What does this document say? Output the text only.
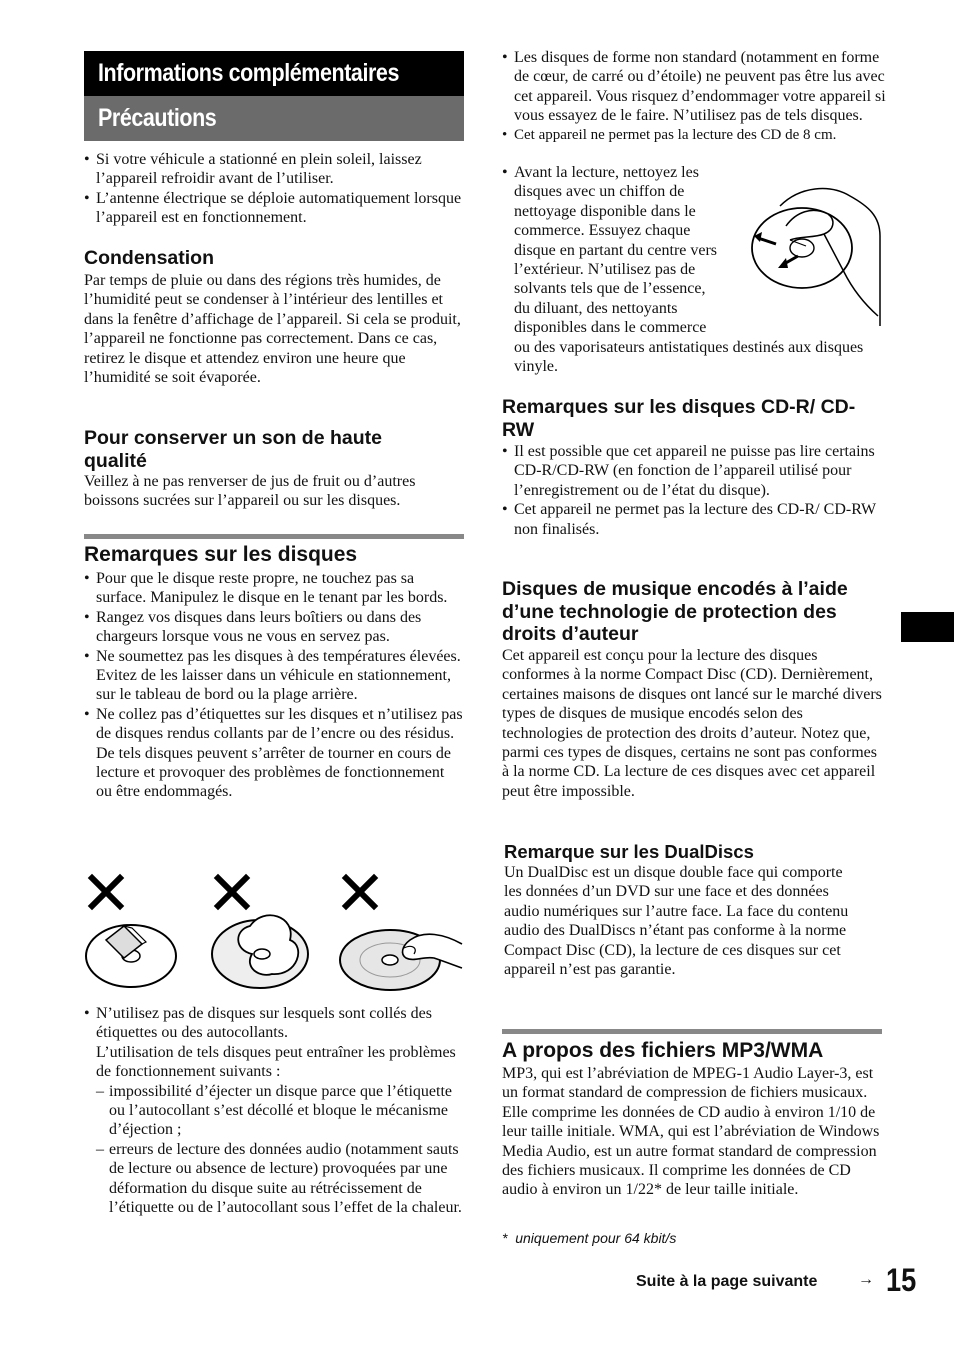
Informations complémentaires
Précautions
• Si votre véhicule a stationné en plein soleil, laissez l’appareil refroidir avant de l’utiliser.
• L’antenne électrique se déploie automatiquement lorsque l’appareil est en fonctionnement.
Condensation

Par temps de pluie ou dans des régions très humides, de l’humidité peut se condenser à l’intérieur des lentilles et dans la fenêtre d’affichage de l’appareil. Si cela se produit, l’appareil ne fonctionne pas correctement. Dans ce cas, retirez le disque et attendez environ une heure que l’humidité se soit évaporée.

Pour conserver un son de haute qualité

Veillez à ne pas renverser de jus de fruit ou d’autres boissons sucrées sur l’appareil ou sur les disques.

Remarques sur les disques
• Pour que le disque reste propre, ne touchez pas sa surface. Manipulez le disque en le tenant par les bords.
• Rangez vos disques dans leurs boîtiers ou dans des chargeurs lorsque vous ne vous en servez pas.
• Ne soumettez pas les disques à des températures élevées. Evitez de les laisser dans un véhicule en stationnement, sur le tableau de bord ou la plage arrière.
• Ne collez pas d’étiquettes sur les disques et n’utilisez pas de disques rendus collants par de l’encre ou des résidus. De tels disques peuvent s’arrêter de tourner en cours de lecture et provoquer des problèmes de fonctionnement ou être endommagés.
• N’utilisez pas de disques sur lesquels sont collés des étiquettes ou des autocollants.
L’utilisation de tels disques peut entraîner les problèmes de fonctionnement suivants :
– impossibilité d’éjecter un disque parce que l’étiquette ou l’autocollant s’est décollé et bloque le mécanisme d’éjection ;
– erreurs de lecture des données audio (notamment sauts de lecture ou absence de lecture) provoquées par une déformation du disque suite au rétrécissement de l’étiquette ou de l’autocollant sous l’effet de la chaleur.
• Les disques de forme non standard (notamment en forme de cœur, de carré ou d’étoile) ne peuvent pas être lus avec cet appareil. Vous risquez d’endommager votre appareil si vous essayez de le faire. N’utilisez pas de tels disques.
• Cet appareil ne permet pas la lecture des CD de 8 cm.
• Avant la lecture, nettoyez les
disques avec un chiffon de
nettoyage disponible dans le
commerce. Essuyez chaque
disque en partant du centre vers
l’extérieur. N’utilisez pas de
solvants tels que de l’essence,
du diluant, des nettoyants
disponibles dans le commerce
ou des vaporisateurs antistatiques destinés aux disques vinyle.
Remarques sur les disques CD-R/ CD-RW
• Il est possible que cet appareil ne puisse pas lire certains CD-R/CD-RW (en fonction de l’appareil utilisé pour l’enregistrement ou de l’état du disque).
• Cet appareil ne permet pas la lecture des CD-R/ CD-RW non finalisés.
Disques de musique encodés à l’aide d’une technologie de protection des droits d’auteur

Cet appareil est conçu pour la lecture des disques conformes à la norme Compact Disc (CD). Dernièrement, certaines maisons de disques ont lancé sur le marché divers types de disques de musique encodés selon des technologies de protection des droits d’auteur. Notez que, parmi ces types de disques, certains ne sont pas conformes à la norme CD. La lecture de ces disques avec cet appareil peut être impossible.

Remarque sur les DualDiscs

Un DualDisc est un disque double face qui comporte les données d’un DVD sur une face et des données audio numériques sur l’autre face. La face du contenu audio des DualDiscs n’étant pas conforme à la norme Compact Disc (CD), la lecture de ces disques sur cet appareil n’est pas garantie.

A propos des fichiers MP3/WMA

MP3, qui est l’abréviation de MPEG-1 Audio Layer-3, est un format standard de compression de fichiers musicaux. Elle comprime les données de CD audio à environ 1/10 de leur taille initiale. WMA, qui est l’abréviation de Windows Media Audio, est un autre format standard de compression des fichiers musicaux. Il comprime les données de CD audio à environ un 1/22* de leur taille initiale.

* uniquement pour 64 kbit/s
Suite à la page suivante	→ 15
